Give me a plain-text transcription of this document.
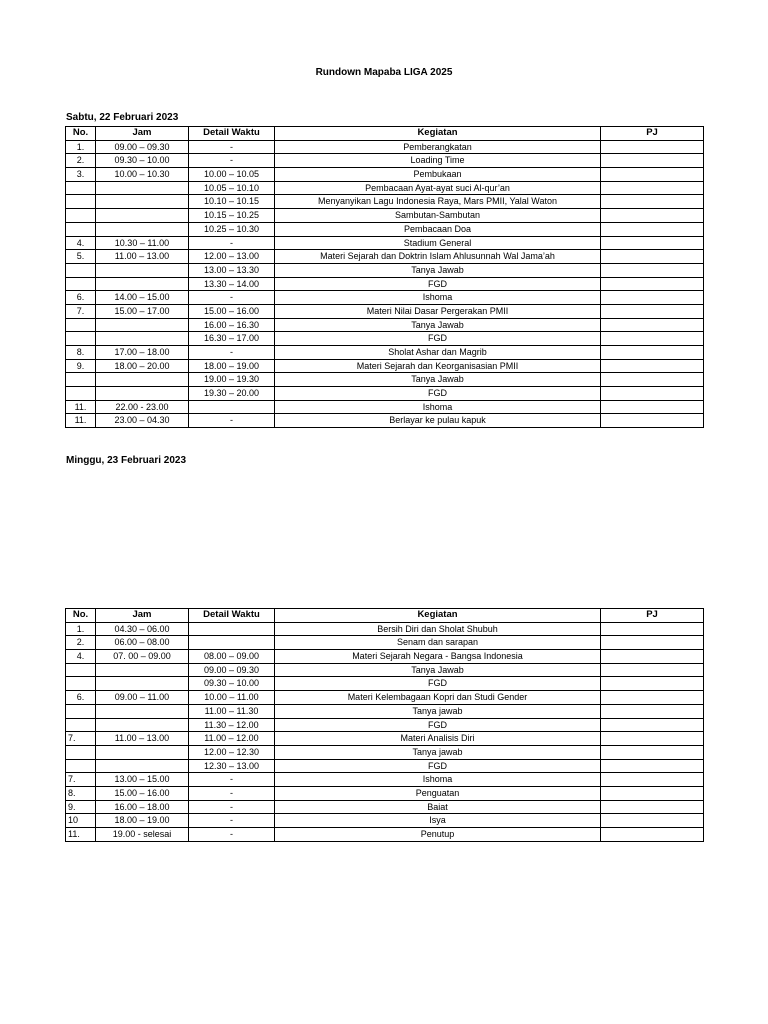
Rundown Mapaba LIGA 2025
Sabtu, 22 Februari 2023
No.	Jam	Detail Waktu	Kegiatan	PJ
1.	09.00 – 09.30	-	Pemberangkatan	
2.	09.30 – 10.00	-	Loading Time	
3.	10.00 – 10.30	10.00 – 10.05	Pembukaan	
		10.05 – 10.10	Pembacaan Ayat-ayat suci Al-qur’an	
		10.10 – 10.15	Menyanyikan Lagu Indonesia Raya, Mars PMII, Yalal Waton	
		10.15 – 10.25	Sambutan-Sambutan	
		10.25 – 10.30	Pembacaan Doa	
4.	10.30 – 11.00	-	Stadium General	
5.	11.00 – 13.00	12.00 – 13.00	Materi Sejarah dan Doktrin Islam Ahlusunnah Wal Jama’ah	
		13.00 – 13.30	Tanya Jawab	
		13.30 – 14.00	FGD	
6.	14.00 – 15.00	-	Ishoma	
7.	15.00 – 17.00	15.00 – 16.00	Materi Nilai Dasar Pergerakan PMII	
		16.00 – 16.30	Tanya Jawab	
		16.30 – 17.00	FGD	
8.	17.00 – 18.00	-	Sholat Ashar dan Magrib	
9.	18.00 – 20.00	18.00 – 19.00	Materi Sejarah dan Keorganisasian PMII	
		19.00 – 19.30	Tanya Jawab	
		19.30 – 20.00	FGD	
11.	22.00 - 23.00		Ishoma	
11.	23.00 – 04.30	-	Berlayar ke pulau kapuk	
Minggu, 23 Februari 2023
No.	Jam	Detail Waktu	Kegiatan	PJ
1.	04.30 – 06.00		Bersih Diri dan Sholat Shubuh	
2.	06.00 – 08.00		Senam dan sarapan	
4.	07. 00 – 09.00	08.00 – 09.00	Materi Sejarah Negara - Bangsa Indonesia	
		09.00 – 09.30	Tanya Jawab	
		09.30 – 10.00	FGD	
6.	09.00 – 11.00	10.00 – 11.00	Materi Kelembagaan Kopri dan Studi Gender	
		11.00 – 11.30	Tanya jawab	
		11.30 – 12.00	FGD	
7.	11.00 – 13.00	11.00 – 12.00	Materi Analisis Diri	
		12.00 – 12.30	Tanya jawab	
		12.30 – 13.00	FGD	
7.	13.00 – 15.00	-	Ishoma	
8.	15.00 – 16.00	-	Penguatan	
9.	16.00 – 18.00	-	Baiat	
10	18.00 – 19.00	-	Isya	
11.	19.00 - selesai	-	Penutup	
